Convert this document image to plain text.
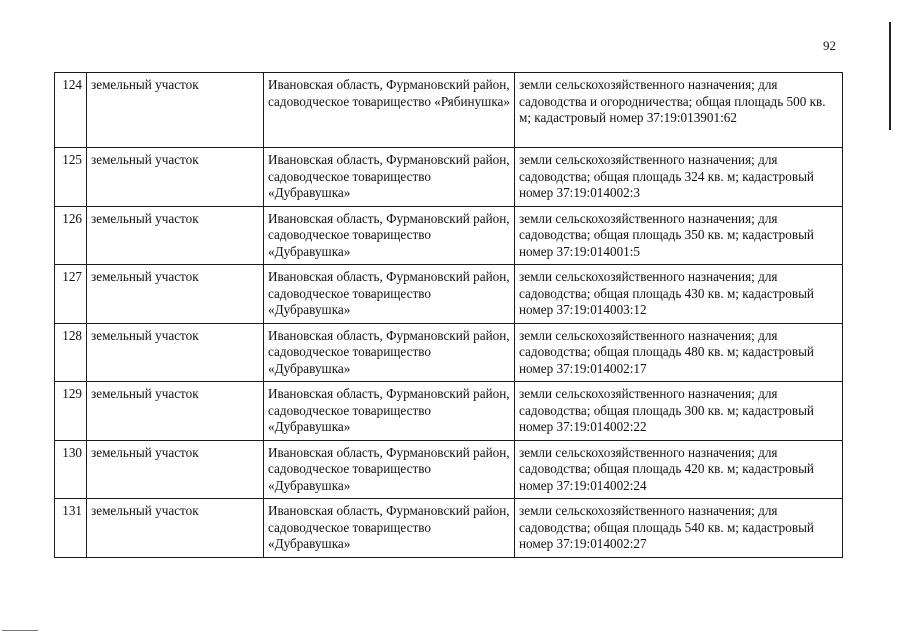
92
124	земельный участок	Ивановская область, Фурмановский район, садоводческое товарищество «Рябинушка»	земли сельскохозяйственного назначения; для садоводства и огородничества; общая площадь 500 кв. м; кадастровый номер 37:19:013901:62
125	земельный участок	Ивановская область, Фурмановский район, садоводческое товарищество «Дубравушка»	земли сельскохозяйственного назначения; для садоводства; общая площадь 324 кв. м; кадастровый номер 37:19:014002:3
126	земельный участок	Ивановская область, Фурмановский район, садоводческое товарищество «Дубравушка»	земли сельскохозяйственного назначения; для садоводства; общая площадь 350 кв. м; кадастровый номер 37:19:014001:5
127	земельный участок	Ивановская область, Фурмановский район, садоводческое товарищество «Дубравушка»	земли сельскохозяйственного назначения; для садоводства; общая площадь 430 кв. м; кадастровый номер 37:19:014003:12
128	земельный участок	Ивановская область, Фурмановский район, садоводческое товарищество «Дубравушка»	земли сельскохозяйственного назначения; для садоводства; общая площадь 480 кв. м; кадастровый номер 37:19:014002:17
129	земельный участок	Ивановская область, Фурмановский район, садоводческое товарищество «Дубравушка»	земли сельскохозяйственного назначения; для садоводства; общая площадь 300 кв. м; кадастровый номер 37:19:014002:22
130	земельный участок	Ивановская область, Фурмановский район, садоводческое товарищество «Дубравушка»	земли сельскохозяйственного назначения; для садоводства; общая площадь 420 кв. м; кадастровый номер 37:19:014002:24
131	земельный участок	Ивановская область, Фурмановский район, садоводческое товарищество «Дубравушка»	земли сельскохозяйственного назначения; для садоводства; общая площадь 540 кв. м; кадастровый номер 37:19:014002:27
